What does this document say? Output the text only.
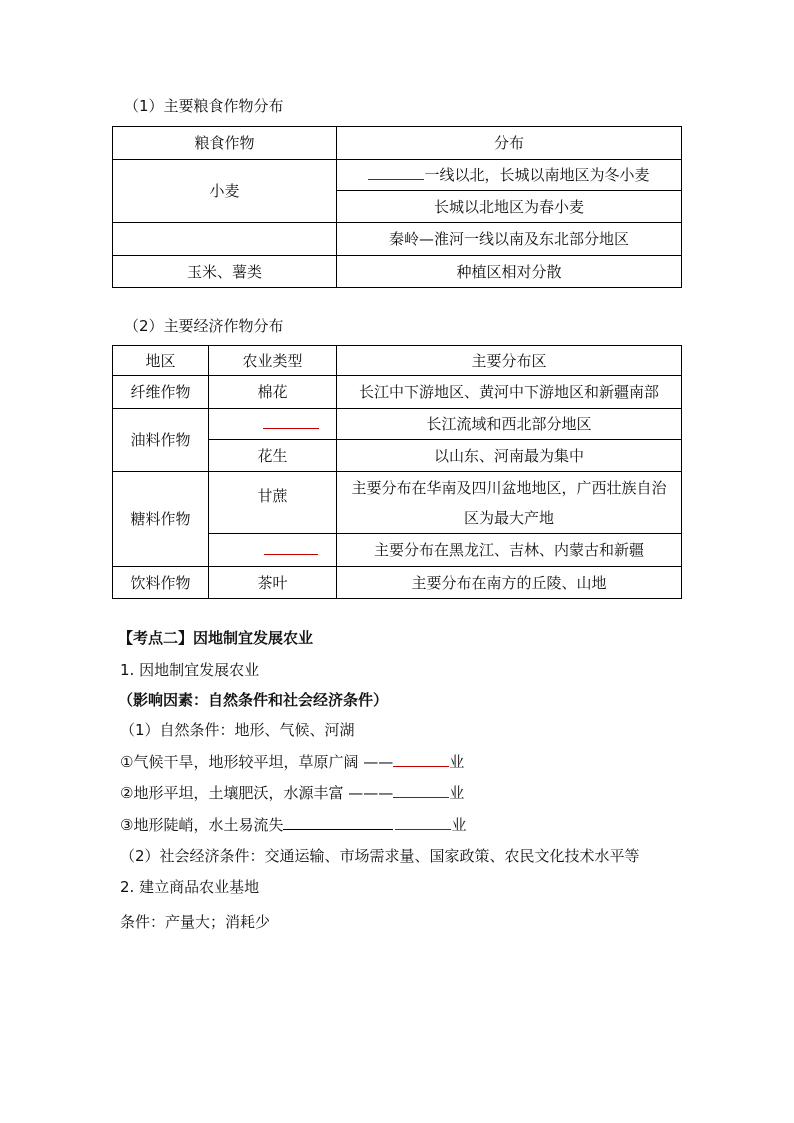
（1）主要粮食作物分布
粮食作物	分布
小麦	一线以北，长城以南地区为冬小麦
	长城以北地区为春小麦
	秦岭—淮河一线以南及东北部分地区
玉米、薯类	种植区相对分散
（2）主要经济作物分布
地区	农业类型	主要分布区
纤维作物	棉花	长江中下游地区、黄河中下游地区和新疆南部
油料作物		长江流域和西北部分地区
	花生	以山东、河南最为集中
糖料作物	甘蔗	主要分布在华南及四川盆地地区，广西壮族自治
区为最大产地

		主要分布在黑龙江、吉林、内蒙古和新疆
饮料作物	茶叶	主要分布在南方的丘陵、山地
【考点二】因地制宜发展农业
1. 因地制宜发展农业
（影响因素：自然条件和社会经济条件）
（1）自然条件：地形、气候、河湖
①气候干旱，地形较平坦，草原广阔 ——	业
②地形平坦，土壤肥沃，水源丰富 ———	业
③地形陡峭，水土易流失	业
（2）社会经济条件：交通运输、市场需求量、国家政策、农民文化技术水平等
2. 建立商品农业基地
条件：产量大；消耗少
